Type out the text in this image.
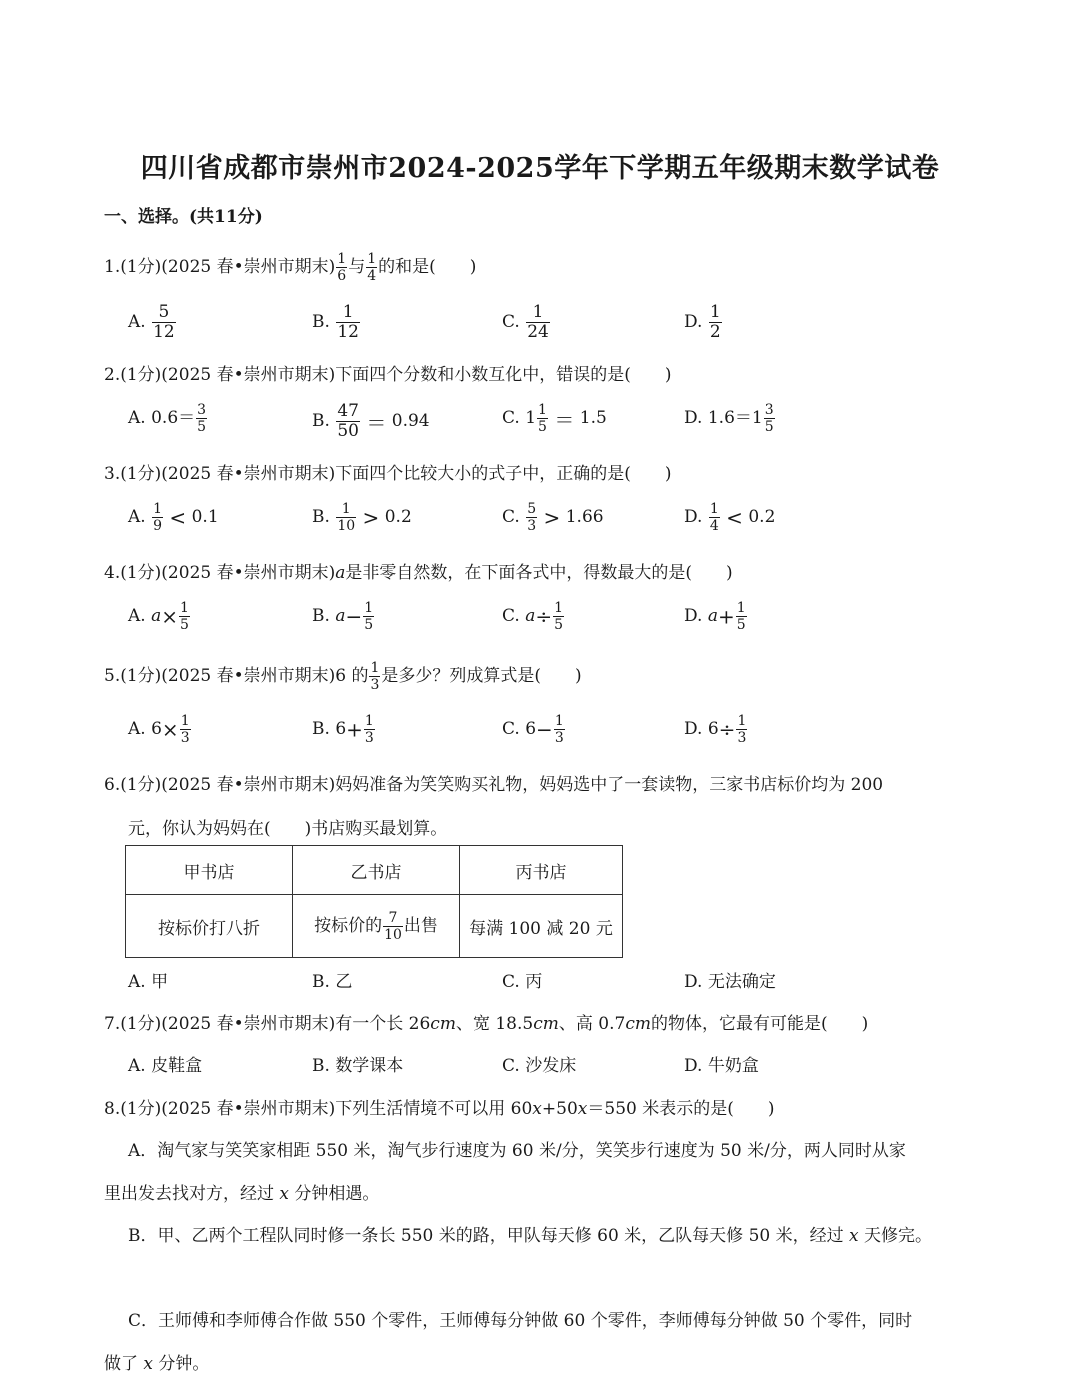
四川省成都市崇州市2024-2025学年下学期五年级期末数学试卷
一、选择。(共11分)
1.(1分)(2025 春•崇州市期末) $\frac{1}{6}$ 与 $\frac{1}{4}$ 的和是(　　)
A. $\frac{5}{12}$	B. $\frac{1}{12}$	C. $\frac{1}{24}$	D. $\frac{1}{2}$
2.(1分)(2025 春•崇州市期末)下面四个分数和小数互化中，错误的是(　　)
A. $0.6= \frac{3}{5}$	B. $\frac{47}{50} = 0.94$	C. $1 \frac{1}{5} = 1.5$	D. $1.6=1 \frac{3}{5}$
3.(1分)(2025 春•崇州市期末)下面四个比较大小的式子中，正确的是(　　)
A. $\frac{1}{9} < 0.1$	B. $\frac{1}{10} > 0.2$	C. $\frac{5}{3} > 1.66$	D. $\frac{1}{4} < 0.2$
4.(1分)(2025 春•崇州市期末)a是非零自然数，在下面各式中，得数最大的是(　　)
A. $a\times \frac{1}{5}$	B. $a- \frac{1}{5}$	C. $a\div \frac{1}{5}$	D. $a+ \frac{1}{5}$
5.(1分)(2025 春•崇州市期末)6 的 $\frac{1}{3}$ 是多少？列成算式是(　　)
A. $6\times \frac{1}{3}$	B. $6+ \frac{1}{3}$	C. $6- \frac{1}{3}$	D. $6\div \frac{1}{3}$
6.(1分)(2025 春•崇州市期末)妈妈准备为笑笑购买礼物，妈妈选中了一套读物，三家书店标价均为 200
元，你认为妈妈在(　　)书店购买最划算。
甲书店	乙书店	丙书店
按标价打八折	按标价的 $\frac{7}{10}$ 出售	每满 100 减 20 元
A. 甲	B. 乙	C. 丙	D. 无法确定
7.(1分)(2025 春•崇州市期末)有一个长 26cm、宽 18.5cm、高 0.7cm的物体，它最有可能是(　　)
A. 皮鞋盒	B. 数学课本	C. 沙发床	D. 牛奶盒
8.(1分)(2025 春•崇州市期末)下列生活情境不可以用 60x+50x＝550 米表示的是(　　)
A．淘气家与笑笑家相距 550 米，淘气步行速度为 60 米/分，笑笑步行速度为 50 米/分，两人同时从家
里出发去找对方，经过 x 分钟相遇。
B．甲、乙两个工程队同时修一条长 550 米的路，甲队每天修 60 米，乙队每天修 50 米，经过 x 天修完。
C．王师傅和李师傅合作做 550 个零件，王师傅每分钟做 60 个零件，李师傅每分钟做 50 个零件，同时
做了 x 分钟。
